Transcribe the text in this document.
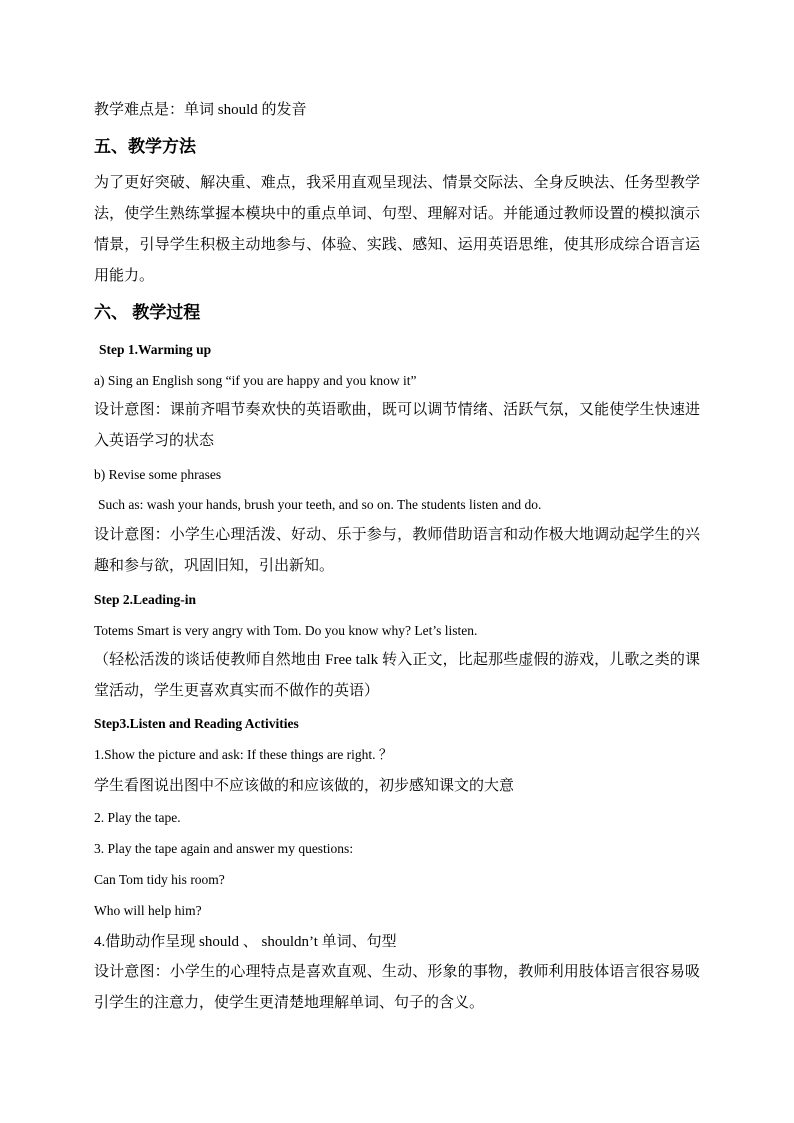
教学难点是：单词 should 的发音

五、教学方法

为了更好突破、解决重、难点，我采用直观呈现法、情景交际法、全身反映法、任务型教学法，使学生熟练掌握本模块中的重点单词、句型、理解对话。并能通过教师设置的模拟演示情景，引导学生积极主动地参与、体验、实践、感知、运用英语思维，使其形成综合语言运用能力。

六、 教学过程

Step 1.Warming up

a) Sing an English song “if you are happy and you know it”

设计意图：课前齐唱节奏欢快的英语歌曲，既可以调节情绪、活跃气氛，又能使学生快速进入英语学习的状态

b) Revise some phrases

Such as: wash your hands, brush your teeth, and so on. The students listen and do.

设计意图：小学生心理活泼、好动、乐于参与，教师借助语言和动作极大地调动起学生的兴趣和参与欲，巩固旧知，引出新知。

Step 2.Leading-in

Totems Smart is very angry with Tom. Do you know why? Let’s listen.

（轻松活泼的谈话使教师自然地由 Free talk 转入正文，比起那些虚假的游戏，儿歌之类的课堂活动，学生更喜欢真实而不做作的英语）

Step3.Listen and Reading Activities

1.Show the picture and ask: If these things are right. ？

学生看图说出图中不应该做的和应该做的，初步感知课文的大意

2. Play the tape.

3. Play the tape again and answer my questions:

Can Tom tidy his room?

Who will help him?

4.借助动作呈现 should 、 shouldn’t 单词、句型

设计意图：小学生的心理特点是喜欢直观、生动、形象的事物，教师利用肢体语言很容易吸引学生的注意力，使学生更清楚地理解单词、句子的含义。
